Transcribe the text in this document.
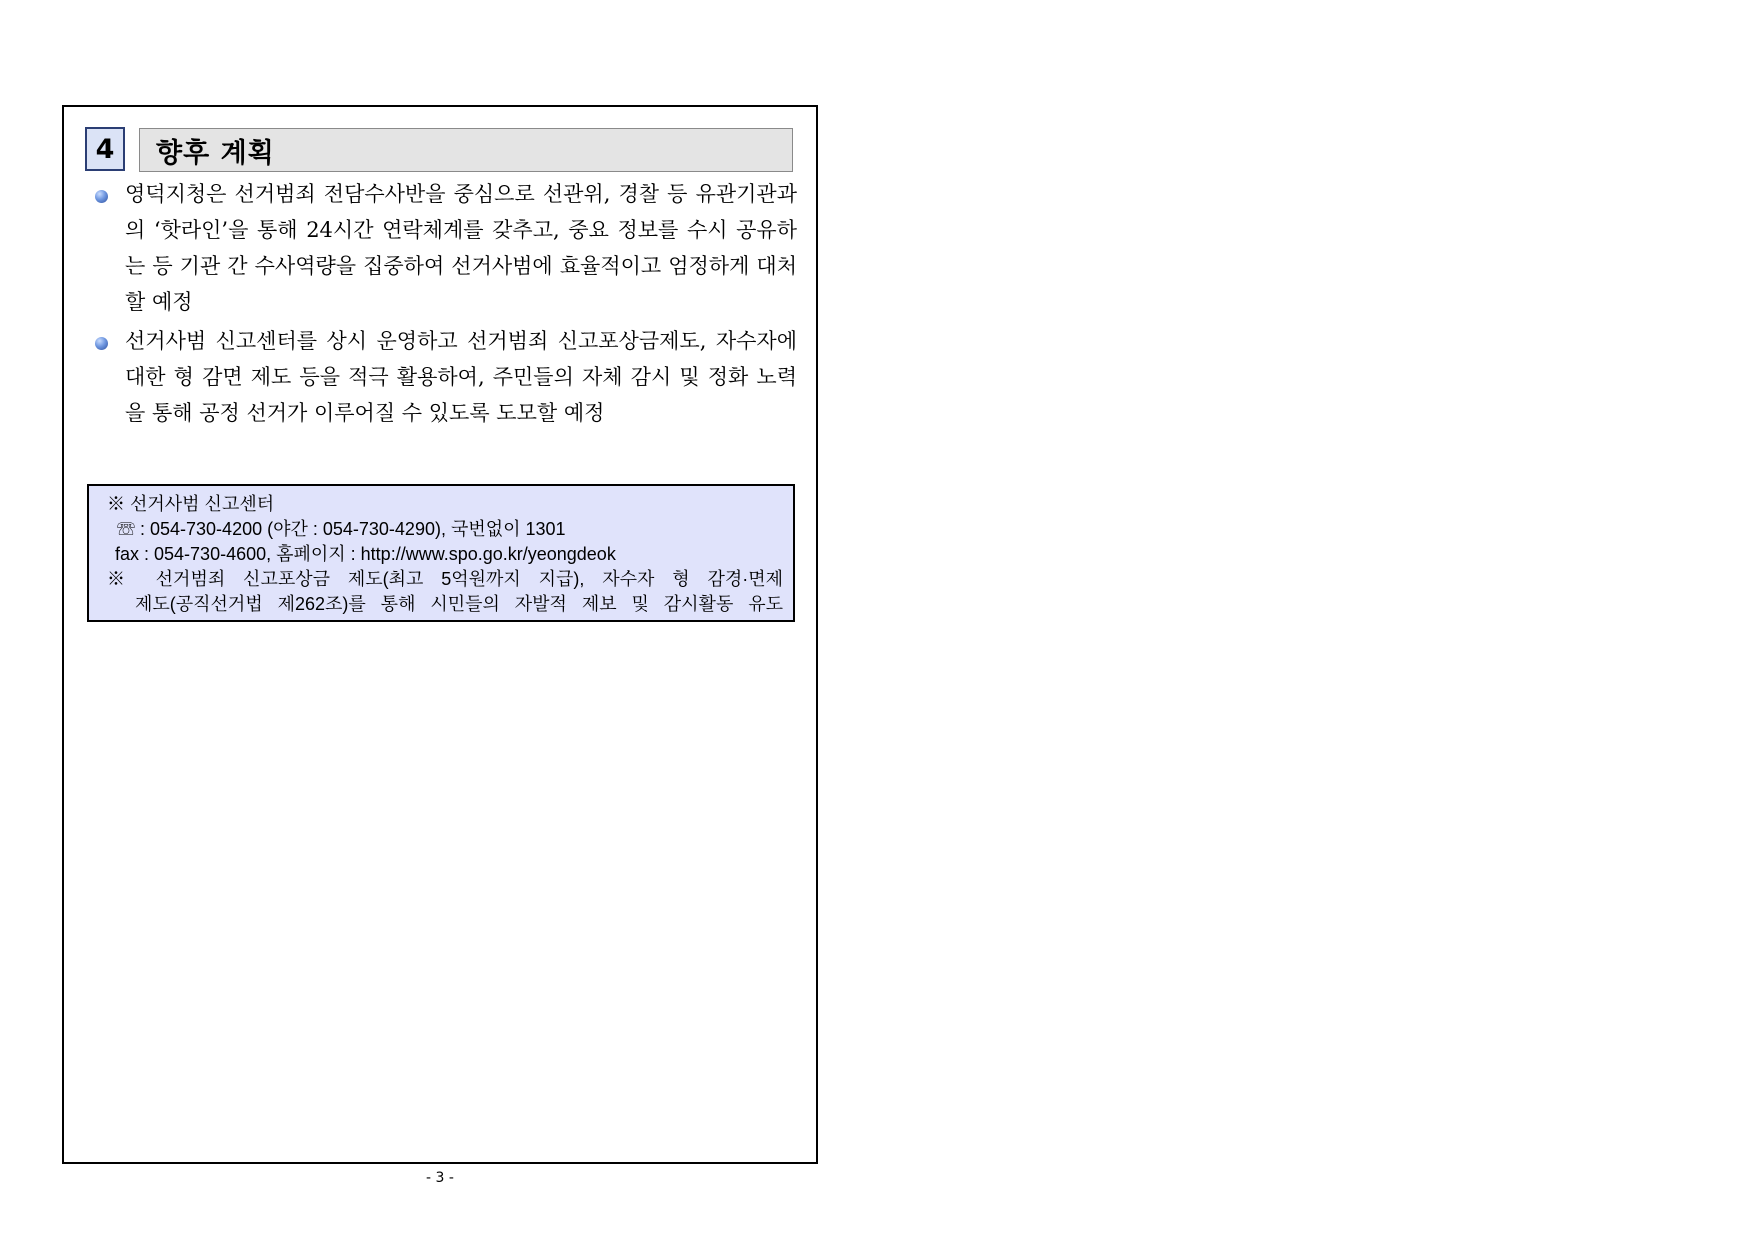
4	향후 계획
영덕지청은 선거범죄 전담수사반을 중심으로 선관위, 경찰 등 유관기관과의 ‘핫라인’을 통해 24시간 연락체계를 갖추고, 중요 정보를 수시 공유하는 등 기관 간 수사역량을 집중하여 선거사범에 효율적이고 엄정하게 대처할 예정
선거사범 신고센터를 상시 운영하고 선거범죄 신고포상금제도, 자수자에 대한 형 감면 제도 등을 적극 활용하여, 주민들의 자체 감시 및 정화 노력을 통해 공정 선거가 이루어질 수 있도록 도모할 예정
※ 선거사범 신고센터
☏ : 054-730-4200 (야간 : 054-730-4290), 국번없이 1301
fax : 054-730-4600, 홈페이지 : http://www.spo.go.kr/yeongdeok
※ 선거범죄 신고포상금 제도(최고 5억원까지 지급), 자수자 형 감경·면제
제도(공직선거법 제262조)를 통해 시민들의 자발적 제보 및 감시활동 유도
- 3 -
